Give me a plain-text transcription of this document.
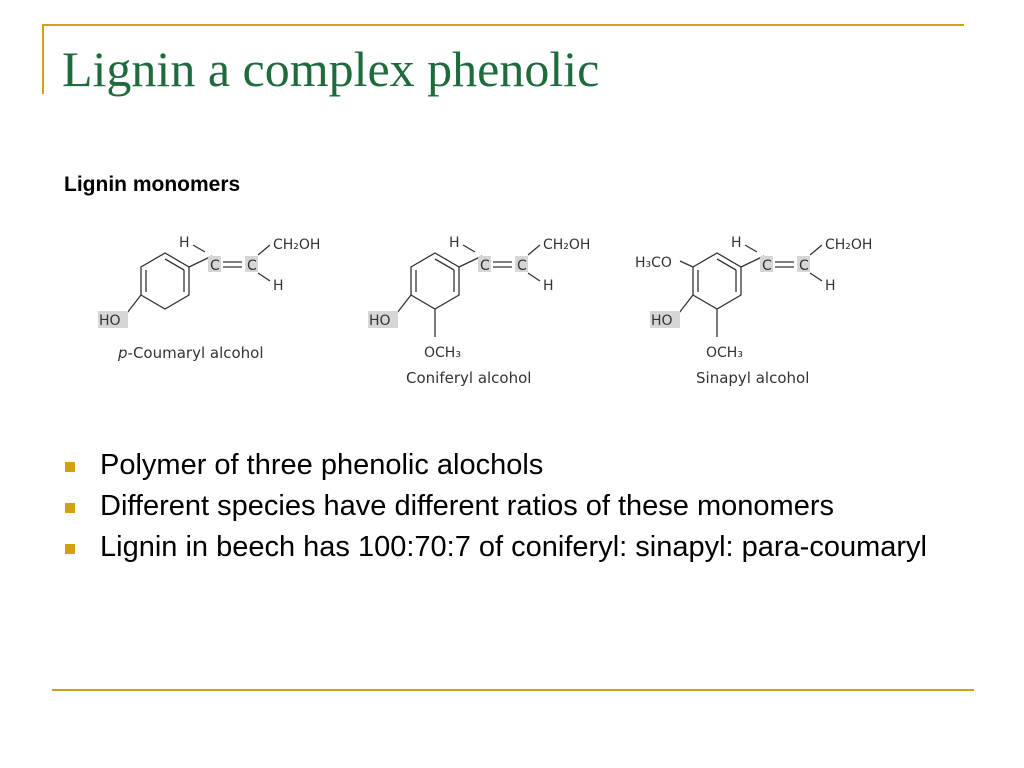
Lignin a complex phenolic
Lignin monomers
H
C C
CH₂OH
H
HO
p-Coumaryl alcohol
H
C C
CH₂OH
H
HO
OCH₃
Coniferyl alcohol
H₃CO
H
C C
CH₂OH
H
HO
OCH₃
Sinapyl alcohol
Polymer of three phenolic alochols
Different species have different ratios of these monomers
Lignin in beech has 100:70:7 of coniferyl: sinapyl: para-coumaryl
